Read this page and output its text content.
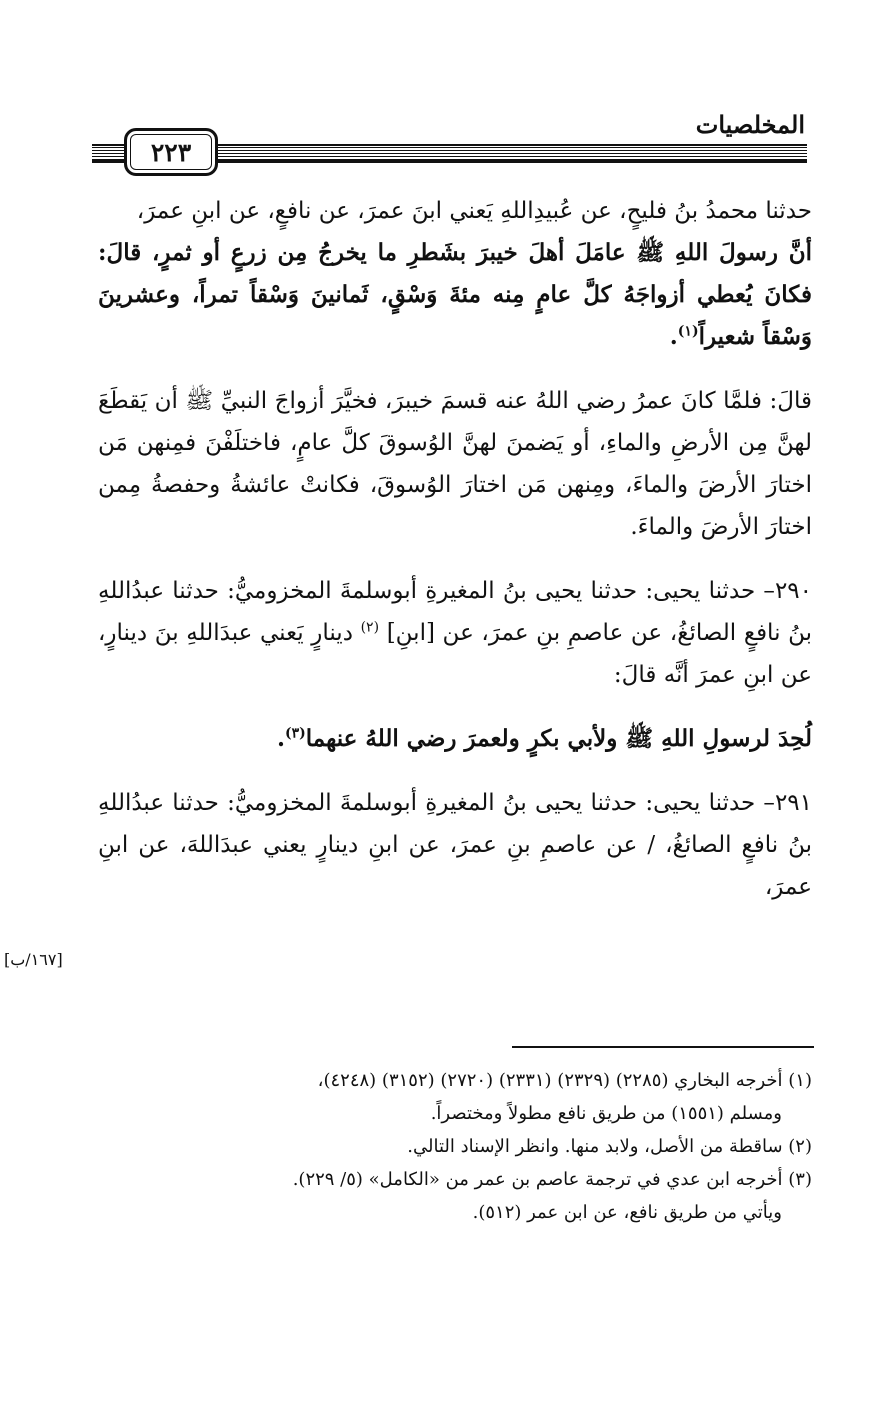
المخلصيات
٢٢٣

حدثنا محمدُ بنُ فليحٍ، عن عُبيدِاللهِ يَعني ابنَ عمرَ، عن نافعٍ، عن ابنِ عمرَ،

أنَّ رسولَ اللهِ ﷺ عامَلَ أهلَ خيبرَ بشَطرِ ما يخرجُ مِن زرعٍ أو ثمرٍ، قالَ: فكانَ يُعطي أزواجَهُ كلَّ عامٍ مِنه مئةَ وَسْقٍ، ثَمانينَ وَسْقاً تمراً، وعشرينَ وَسْقاً شعيراً$^{(١)}$.

قالَ: فلمَّا كانَ عمرُ رضي اللهُ عنه قسمَ خيبرَ، فخيَّرَ أزواجَ النبيِّ ﷺ أن يَقطَعَ لهنَّ مِن الأرضِ والماءِ، أو يَضمنَ لهنَّ الوُسوقَ كلَّ عامٍ، فاختلَفْنَ فمِنهن مَن اختارَ الأرضَ والماءَ، ومِنهن مَن اختارَ الوُسوقَ، فكانتْ عائشةُ وحفصةُ مِمن اختارَ الأرضَ والماءَ.

٢٩٠– حدثنا يحيى: حدثنا يحيى بنُ المغيرةِ أبوسلمةَ المخزوميُّ: حدثنا عبدُاللهِ بنُ نافعٍ الصائغُ، عن عاصمِ بنِ عمرَ، عن [ابنِ] $^{(٢)}$ دينارٍ يَعني عبدَاللهِ بنَ دينارٍ، عن ابنِ عمرَ أنَّه قالَ:

لُحِدَ لرسولِ اللهِ ﷺ ولأبي بكرٍ ولعمرَ رضي اللهُ عنهما$^{(٣)}$.

٢٩١– حدثنا يحيى: حدثنا يحيى بنُ المغيرةِ أبوسلمةَ المخزوميُّ: حدثنا عبدُاللهِ بنُ نافعٍ الصائغُ، / عن عاصمِ بنِ عمرَ، عن ابنِ دينارٍ يعني عبدَاللهَ، عن ابنِ عمرَ،

[١٦٧/ب]

(١) أخرجه البخاري (٢٢٨٥) (٢٣٢٩) (٢٣٣١) (٢٧٢٠) (٣١٥٢) (٤٢٤٨)،

ومسلم (١٥٥١) من طريق نافع مطولاً ومختصراً.

(٢) ساقطة من الأصل، ولابد منها. وانظر الإسناد التالي.

(٣) أخرجه ابن عدي في ترجمة عاصم بن عمر من «الكامل» (٥/ ٢٢٩).

ويأتي من طريق نافع، عن ابن عمر (٥١٢).
